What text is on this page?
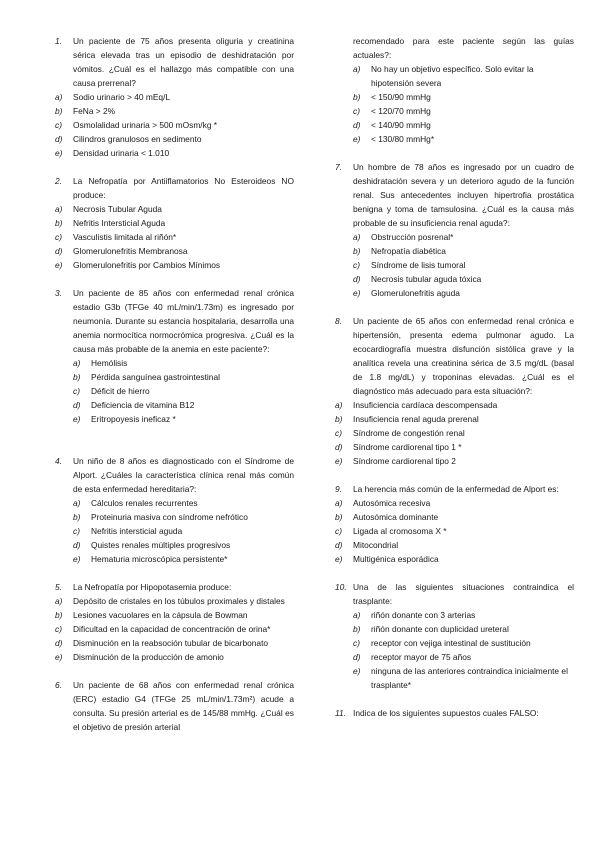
1.	Un paciente de 75 años presenta oliguria y creatinina sérica elevada tras un episodio de deshidratación por vómitos. ¿Cuál es el hallazgo más compatible con una causa prerrenal?
a)	Sodio urinario > 40 mEq/L
b)	FeNa > 2%
c)	Osmolalidad urinaria > 500 mOsm/kg *
d)	Cilindros granulosos en sedimento
e)	Densidad urinaria < 1.010
2.	La Nefropatía por Antiiflamatorios No Esteroideos NO produce:
a)	Necrosis Tubular Aguda
b)	Nefritis Intersticial Aguda
c)	Vasculistis limitada al riñón*
d)	Glomerulonefritis Membranosa
e)	Glomerulonefritis por Cambios Mínimos
3.	Un paciente de 85 años con enfermedad renal crónica estadio G3b (TFGe 40 mL/min/1.73m) es ingresado por neumonía. Durante su estancia hospitalaria, desarrolla una anemia normocítica normocrómica progresiva. ¿Cuál es la causa más probable de la anemia en este paciente?:
a)	Hemólisis
b)	Pérdida sanguínea gastrointestinal
c)	Déficit de hierro
d)	Deficiencia de vitamina B12
e)	Eritropoyesis ineficaz *
4.	Un niño de 8 años es diagnosticado con el Síndrome de Alport. ¿Cuáles la característica clínica renal más común de esta enfermedad hereditaria?:
a)	Cálculos renales recurrentes
b)	Proteinuria masiva con síndrome nefrótico
c)	Nefritis intersticial aguda
d)	Quistes renales múltiples progresivos
e)	Hematuria microscópica persistente*
5.	La Nefropatía por Hipopotasemia produce:
a)	Depósito de cristales en los túbulos proximales y distales
b)	Lesiones vacuolares en la cápsula de Bowman
c)	Dificultad en la capacidad de concentración de orina*
d)	Disminución en la reabsoción tubular de bicarbonato
e)	Disminución de la producción de amonio
6.	Un paciente de 68 años con enfermedad renal crónica (ERC) estadio G4 (TFGe 25 mL/min/1.73m²) acude a consulta. Su presión arterial es de 145/88 mmHg. ¿Cuál es el objetivo de presión arterial
recomendado para este paciente según las guías actuales?:
a)	No hay un objetivo específico. Solo evitar la hipotensión severa
b)	< 150/90 mmHg
c)	< 120/70 mmHg
d)	< 140/90 mmHg
e)	< 130/80 mmHg*
7.	Un hombre de 78 años es ingresado por un cuadro de deshidratación severa y un deterioro agudo de la función renal. Sus antecedentes incluyen hipertrofia prostática benigna y toma de tamsulosina. ¿Cuál es la causa más probable de su insuficiencia renal aguda?:
a)	Obstrucción posrenal*
b)	Nefropatía diabética
c)	Síndrome de lisis tumoral
d)	Necrosis tubular aguda tóxica
e)	Glomerulonefritis aguda
8.	Un paciente de 65 años con enfermedad renal crónica e hipertensión, presenta edema pulmonar agudo. La ecocardiografía muestra disfunción sistólica grave y la analítica revela una creatinina sérica de 3.5 mg/dL (basal de 1.8 mg/dL) y troponinas elevadas. ¿Cuál es el diagnóstico más adecuado para esta situación?:
a)	Insuficiencia cardíaca descompensada
b)	Insuficiencia renal aguda prerenal
c)	Síndrome de congestión renal
d)	Síndrome cardiorenal tipo 1 *
e)	Síndrome cardiorenal tipo 2
9.	La herencia más común de la enfermedad de Alport es:
a)	Autosómica recesiva
b)	Autosómica dominante
c)	Ligada al cromosoma X *
d)	Mitocondrial
e)	Multigénica esporádica
10. Una de las siguientes situaciones contraindica el trasplante:
a)	riñón donante con 3 arterias
b)	riñón donante con duplicidad ureteral
c)	receptor con vejiga intestinal de sustitución
d)	receptor mayor de 75 años
e)	ninguna de las anteriores contraindica inicialmente el trasplante*
11. Indica de los siguientes supuestos cuales FALSO:
